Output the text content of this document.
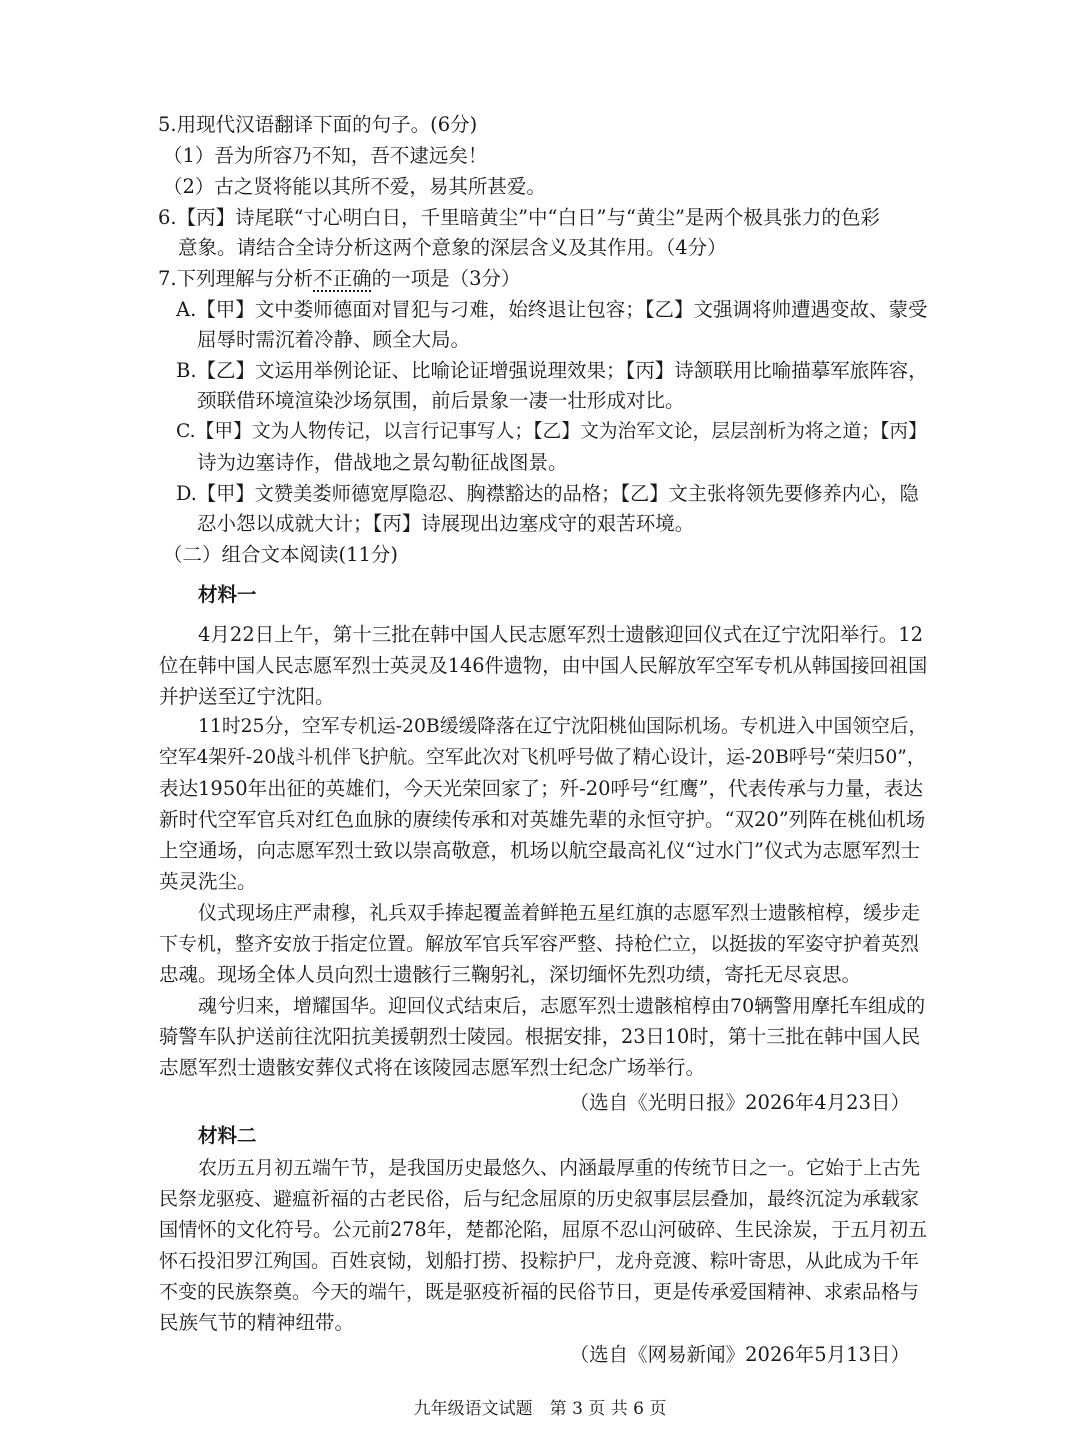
5.用现代汉语翻译下面的句子。(6分)
（1）吾为所容乃不知，吾不逮远矣！
（2）古之贤将能以其所不爱，易其所甚爱。
6.【丙】诗尾联“寸心明白日，千里暗黄尘”中“白日”与“黄尘”是两个极具张力的色彩
意象。请结合全诗分析这两个意象的深层含义及其作用。（4分）
7.下列理解与分析不正确的一项是（3分）
A.【甲】文中娄师德面对冒犯与刁难，始终退让包容；【乙】文强调将帅遭遇变故、蒙受
屈辱时需沉着冷静、顾全大局。
B.【乙】文运用举例论证、比喻论证增强说理效果；【丙】诗颔联用比喻描摹军旅阵容，
颈联借环境渲染沙场氛围，前后景象一凄一壮形成对比。
C.【甲】文为人物传记，以言行记事写人；【乙】文为治军文论，层层剖析为将之道；【丙】
诗为边塞诗作，借战地之景勾勒征战图景。
D.【甲】文赞美娄师德宽厚隐忍、胸襟豁达的品格；【乙】文主张将领先要修养内心，隐
忍小怨以成就大计；【丙】诗展现出边塞戍守的艰苦环境。
（二）组合文本阅读(11分)
材料一
4月22日上午，第十三批在韩中国人民志愿军烈士遗骸迎回仪式在辽宁沈阳举行。12
位在韩中国人民志愿军烈士英灵及146件遗物，由中国人民解放军空军专机从韩国接回祖国
并护送至辽宁沈阳。
11时25分，空军专机运-20B缓缓降落在辽宁沈阳桃仙国际机场。专机进入中国领空后，
空军4架歼-20战斗机伴飞护航。空军此次对飞机呼号做了精心设计，运-20B呼号“荣归50”，
表达1950年出征的英雄们，今天光荣回家了；歼-20呼号“红鹰”，代表传承与力量，表达
新时代空军官兵对红色血脉的赓续传承和对英雄先辈的永恒守护。“双20”列阵在桃仙机场
上空通场，向志愿军烈士致以崇高敬意，机场以航空最高礼仪“过水门”仪式为志愿军烈士
英灵洗尘。
仪式现场庄严肃穆，礼兵双手捧起覆盖着鲜艳五星红旗的志愿军烈士遗骸棺椁，缓步走
下专机，整齐安放于指定位置。解放军官兵军容严整、持枪伫立，以挺拔的军姿守护着英烈
忠魂。现场全体人员向烈士遗骸行三鞠躬礼，深切缅怀先烈功绩，寄托无尽哀思。
魂兮归来，增耀国华。迎回仪式结束后，志愿军烈士遗骸棺椁由70辆警用摩托车组成的
骑警车队护送前往沈阳抗美援朝烈士陵园。根据安排，23日10时，第十三批在韩中国人民
志愿军烈士遗骸安葬仪式将在该陵园志愿军烈士纪念广场举行。
（选自《光明日报》2026年4月23日）
材料二
农历五月初五端午节，是我国历史最悠久、内涵最厚重的传统节日之一。它始于上古先
民祭龙驱疫、避瘟祈福的古老民俗，后与纪念屈原的历史叙事层层叠加，最终沉淀为承载家
国情怀的文化符号。公元前278年，楚都沦陷，屈原不忍山河破碎、生民涂炭，于五月初五
怀石投汨罗江殉国。百姓哀恸，划船打捞、投粽护尸，龙舟竞渡、粽叶寄思，从此成为千年
不变的民族祭奠。今天的端午，既是驱疫祈福的民俗节日，更是传承爱国精神、求索品格与
民族气节的精神纽带。
（选自《网易新闻》2026年5月13日）
九年级语文试题　第 3 页 共 6 页
